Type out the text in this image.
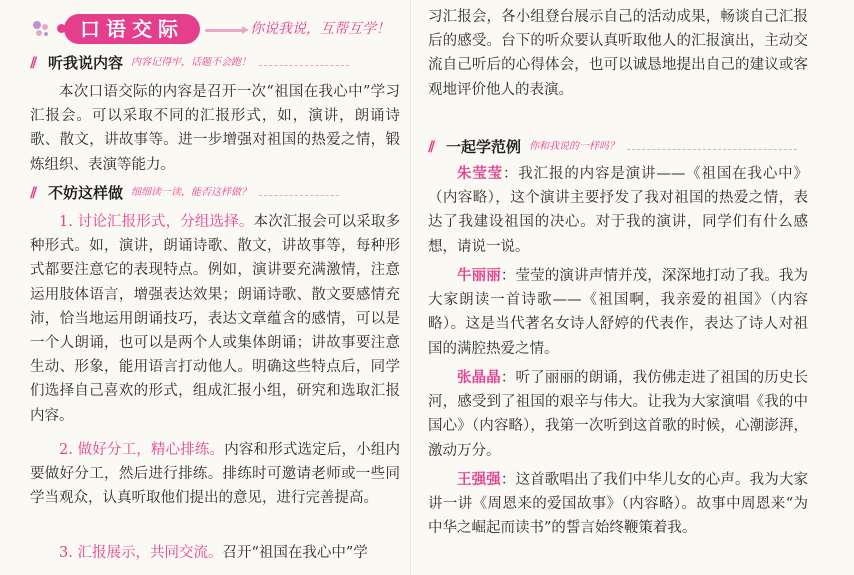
口语交际	你说我说，互帮互学！
// 听我说内容 内容记得牢，话题不会跑！

本次口语交际的内容是召开一次“祖国在我心中”学习汇报会。可以采取不同的汇报形式，如，演讲，朗诵诗歌、散文，讲故事等。进一步增强对祖国的热爱之情，锻炼组织、表演等能力。

// 不妨这样做 细细读一读，能否这样做？

1. 讨论汇报形式，分组选择。本次汇报会可以采取多种形式。如，演讲，朗诵诗歌、散文，讲故事等，每种形式都要注意它的表现特点。例如，演讲要充满激情，注意运用肢体语言，增强表达效果；朗诵诗歌、散文要感情充沛，恰当地运用朗诵技巧，表达文章蕴含的感情，可以是一个人朗诵，也可以是两个人或集体朗诵；讲故事要注意生动、形象，能用语言打动他人。明确这些特点后，同学们选择自己喜欢的形式，组成汇报小组，研究和选取汇报内容。

2. 做好分工，精心排练。内容和形式选定后，小组内要做好分工，然后进行排练。排练时可邀请老师或一些同学当观众，认真听取他们提出的意见，进行完善提高。

3. 汇报展示，共同交流。召开“祖国在我心中”学

习汇报会，各小组登台展示自己的活动成果，畅谈自己汇报后的感受。台下的听众要认真听取他人的汇报演出，主动交流自己听后的心得体会，也可以诚恳地提出自己的建议或客观地评价他人的表演。

// 一起学范例 你和我说的一样吗？

朱莹莹：我汇报的内容是演讲——《祖国在我心中》（内容略），这个演讲主要抒发了我对祖国的热爱之情，表达了我建设祖国的决心。对于我的演讲，同学们有什么感想，请说一说。

牛丽丽：莹莹的演讲声情并茂，深深地打动了我。我为大家朗读一首诗歌——《祖国啊，我亲爱的祖国》（内容略）。这是当代著名女诗人舒婷的代表作，表达了诗人对祖国的满腔热爱之情。

张晶晶：听了丽丽的朗诵，我仿佛走进了祖国的历史长河，感受到了祖国的艰辛与伟大。让我为大家演唱《我的中国心》（内容略），我第一次听到这首歌的时候，心潮澎湃，激动万分。

王强强：这首歌唱出了我们中华儿女的心声。我为大家讲一讲《周恩来的爱国故事》（内容略）。故事中周恩来“为中华之崛起而读书”的誓言始终鞭策着我。
